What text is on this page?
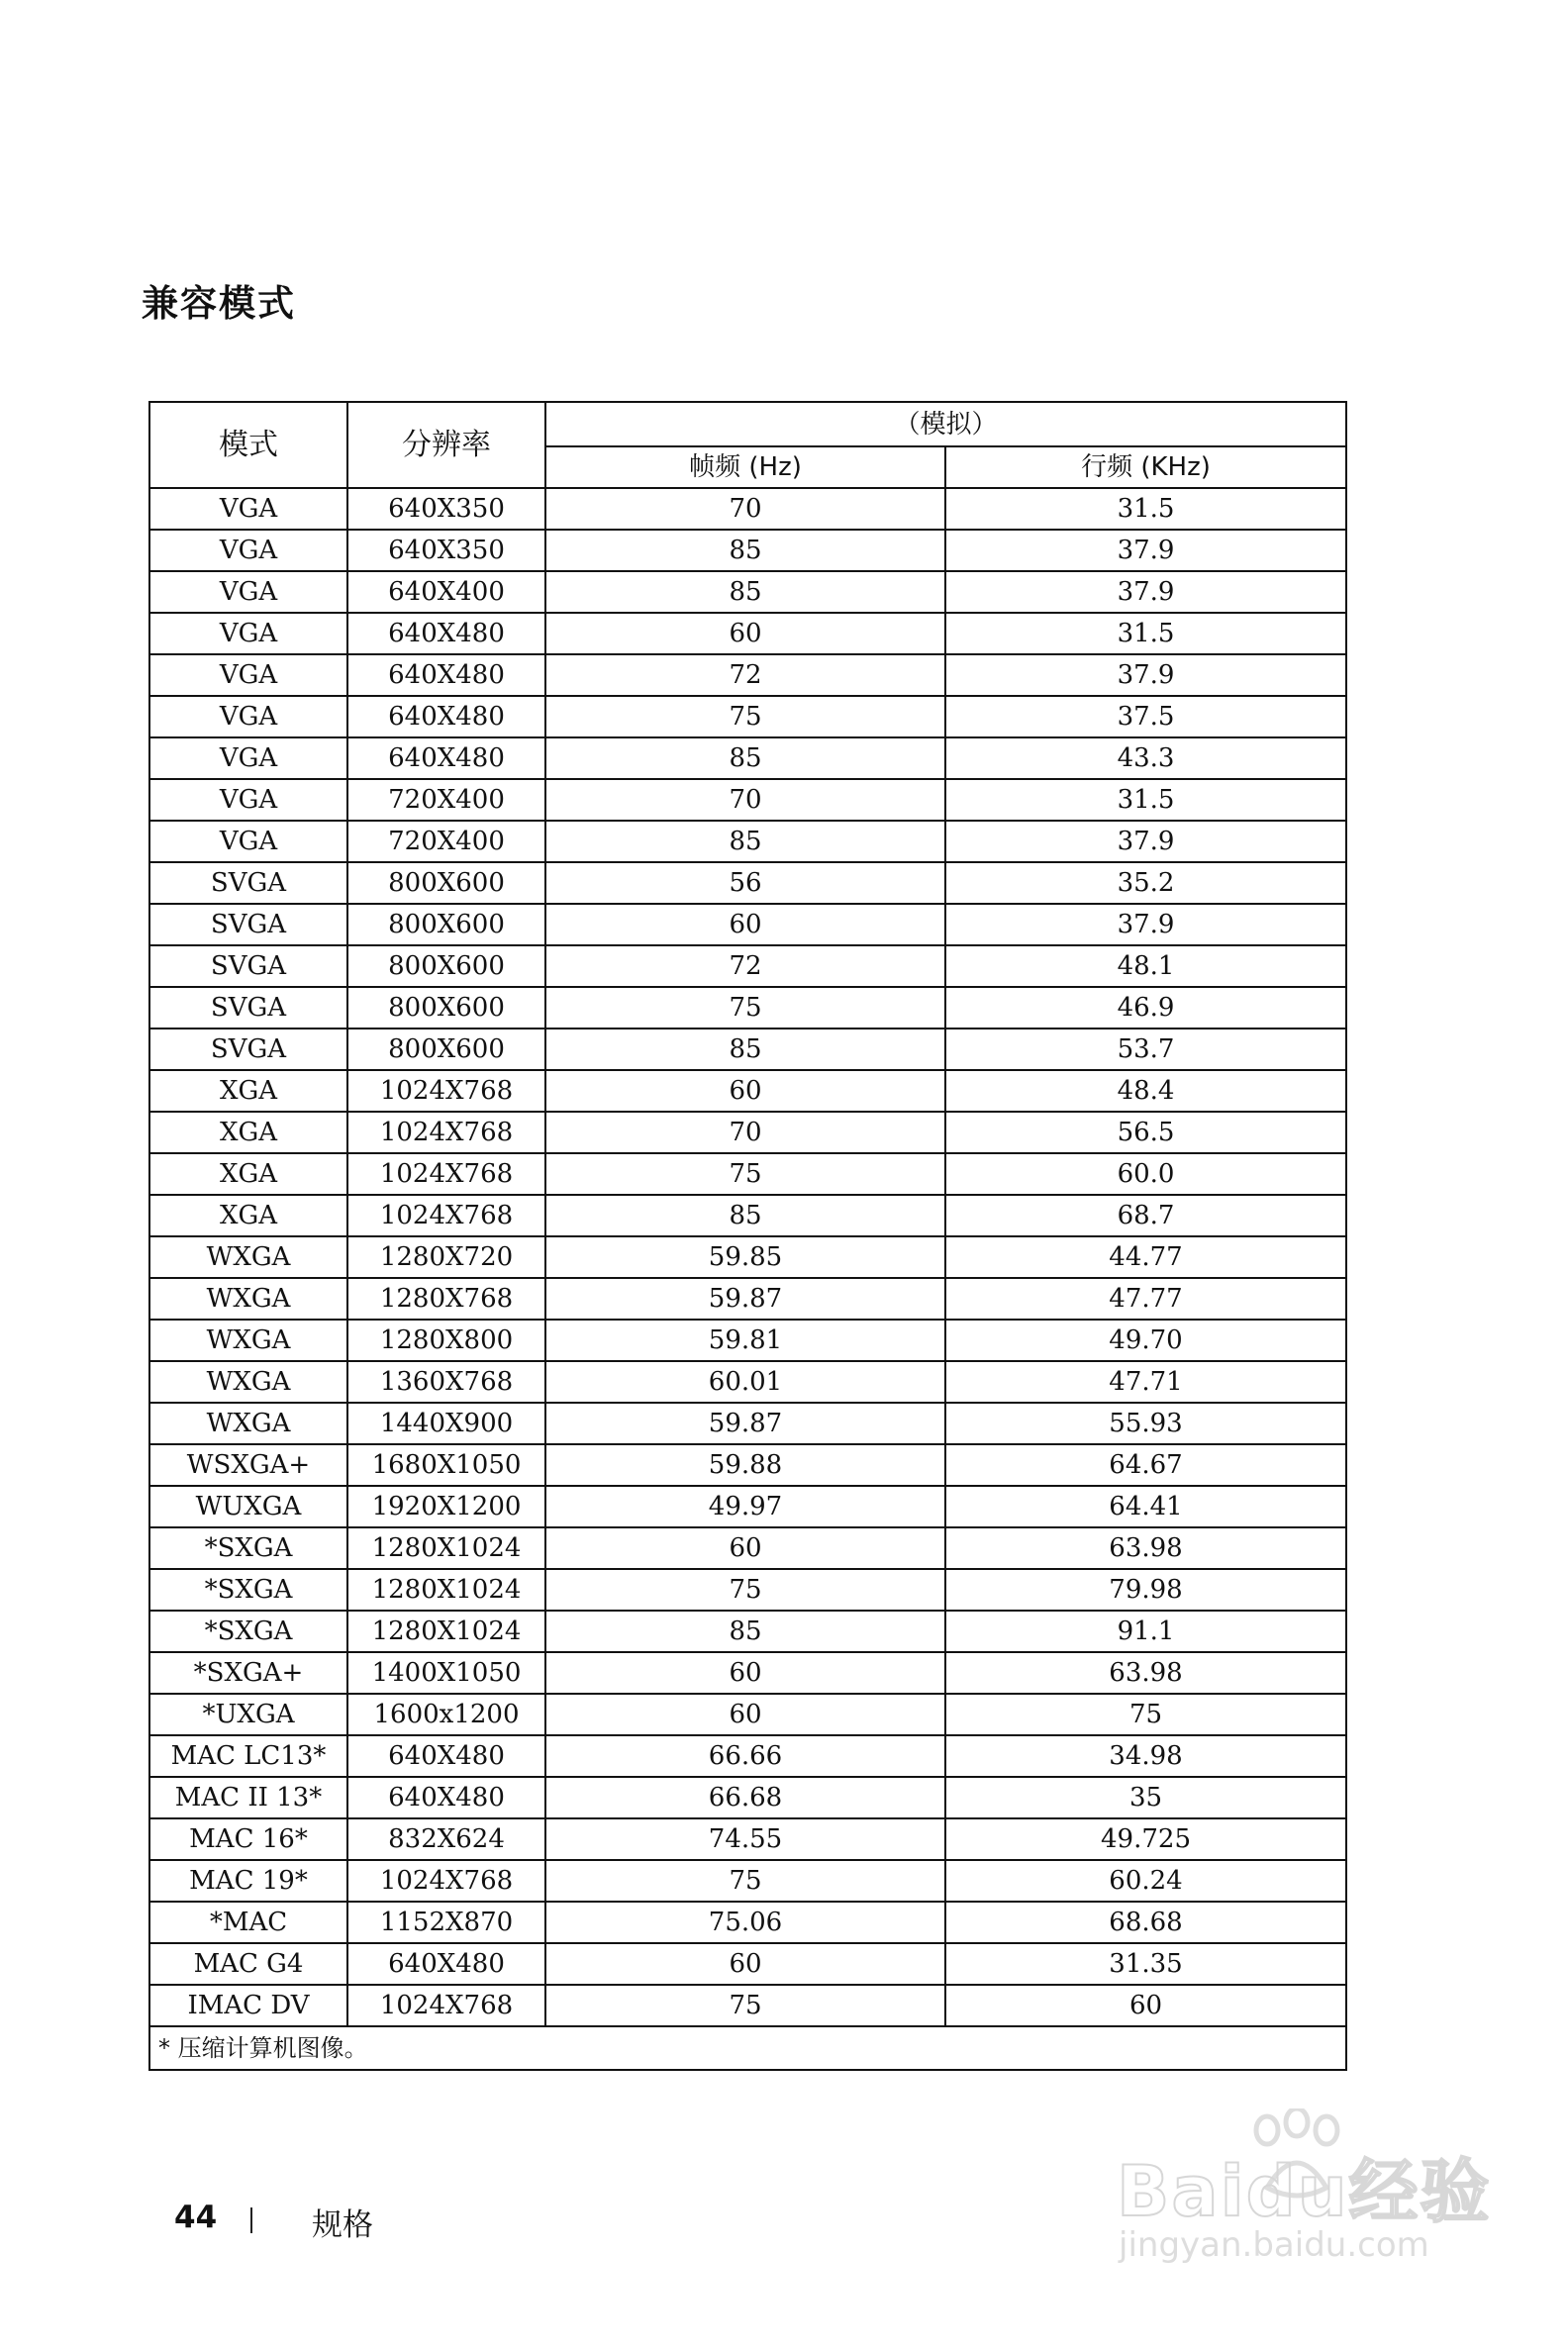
兼容模式
模式	分辨率	（模拟）	
		帧频 (Hz)	行频 (KHz)
VGA	640X350	70	31.5
VGA	640X350	85	37.9
VGA	640X400	85	37.9
VGA	640X480	60	31.5
VGA	640X480	72	37.9
VGA	640X480	75	37.5
VGA	640X480	85	43.3
VGA	720X400	70	31.5
VGA	720X400	85	37.9
SVGA	800X600	56	35.2
SVGA	800X600	60	37.9
SVGA	800X600	72	48.1
SVGA	800X600	75	46.9
SVGA	800X600	85	53.7
XGA	1024X768	60	48.4
XGA	1024X768	70	56.5
XGA	1024X768	75	60.0
XGA	1024X768	85	68.7
WXGA	1280X720	59.85	44.77
WXGA	1280X768	59.87	47.77
WXGA	1280X800	59.81	49.70
WXGA	1360X768	60.01	47.71
WXGA	1440X900	59.87	55.93
WSXGA+	1680X1050	59.88	64.67
WUXGA	1920X1200	49.97	64.41
*SXGA	1280X1024	60	63.98
*SXGA	1280X1024	75	79.98
*SXGA	1280X1024	85	91.1
*SXGA+	1400X1050	60	63.98
*UXGA	1600x1200	60	75
MAC LC13*	640X480	66.66	34.98
MAC II 13*	640X480	66.68	35
MAC 16*	832X624	74.55	49.725
MAC 19*	1024X768	75	60.24
*MAC	1152X870	75.06	68.68
MAC G4	640X480	60	31.35
IMAC DV	1024X768	75	60
* 压缩计算机图像。			
44	规格	Baidu经验
jingyan.baidu.com
